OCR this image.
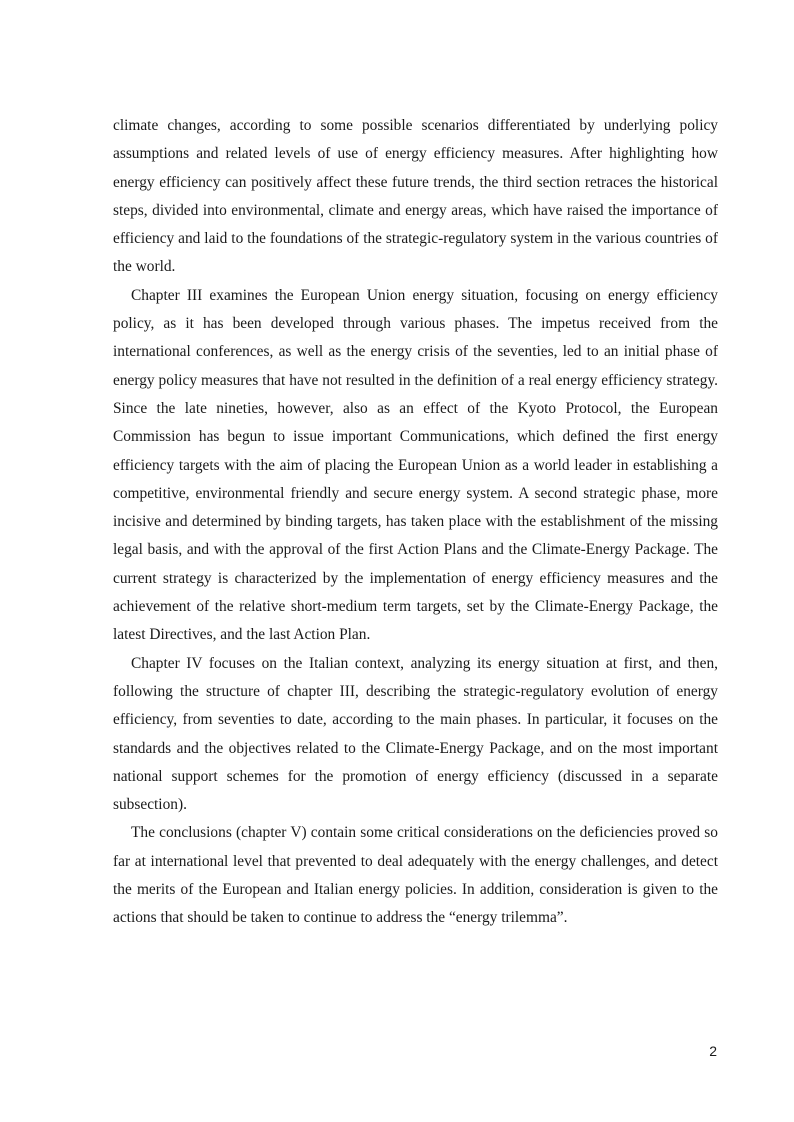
climate changes, according to some possible scenarios differentiated by underlying policy assumptions and related levels of use of energy efficiency measures. After highlighting how energy efficiency can positively affect these future trends, the third section retraces the historical steps, divided into environmental, climate and energy areas, which have raised the importance of efficiency and laid to the foundations of the strategic-regulatory system in the various countries of the world.

Chapter III examines the European Union energy situation, focusing on energy efficiency policy, as it has been developed through various phases. The impetus received from the international conferences, as well as the energy crisis of the seventies, led to an initial phase of energy policy measures that have not resulted in the definition of a real energy efficiency strategy. Since the late nineties, however, also as an effect of the Kyoto Protocol, the European Commission has begun to issue important Communications, which defined the first energy efficiency targets with the aim of placing the European Union as a world leader in establishing a competitive, environmental friendly and secure energy system. A second strategic phase, more incisive and determined by binding targets, has taken place with the establishment of the missing legal basis, and with the approval of the first Action Plans and the Climate-Energy Package. The current strategy is characterized by the implementation of energy efficiency measures and the achievement of the relative short-medium term targets, set by the Climate-Energy Package, the latest Directives, and the last Action Plan.

Chapter IV focuses on the Italian context, analyzing its energy situation at first, and then, following the structure of chapter III, describing the strategic-regulatory evolution of energy efficiency, from seventies to date, according to the main phases. In particular, it focuses on the standards and the objectives related to the Climate-Energy Package, and on the most important national support schemes for the promotion of energy efficiency (discussed in a separate subsection).

The conclusions (chapter V) contain some critical considerations on the deficiencies proved so far at international level that prevented to deal adequately with the energy challenges, and detect the merits of the European and Italian energy policies. In addition, consideration is given to the actions that should be taken to continue to address the “energy trilemma”.

2
